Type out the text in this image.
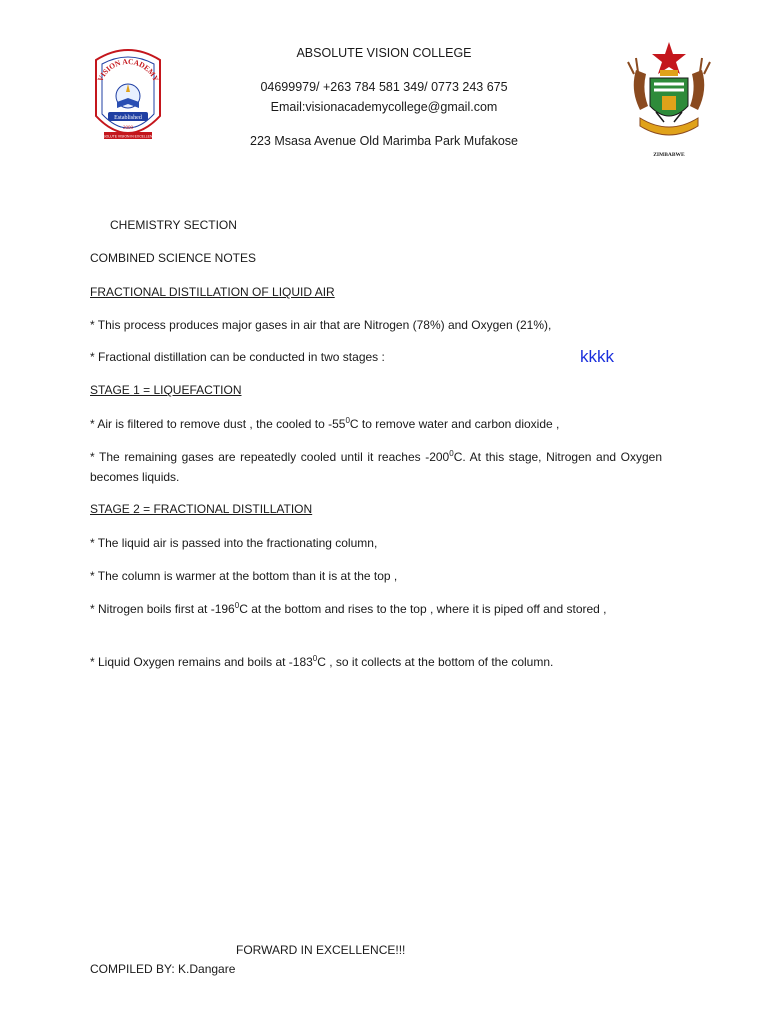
VISION ACADEMY
Established
2000
ABSOLUTE VISION IN EXCELLENCE
ABSOLUTE VISION COLLEGE
04699979/ +263 784 581 349/ 0773 243 675
Email:visionacademycollege@gmail.com
223 Msasa Avenue Old Marimba Park Mufakose
ZIMBABWE
CHEMISTRY SECTION
COMBINED SCIENCE NOTES
FRACTIONAL DISTILLATION OF LIQUID AIR
* This process produces major gases in air that are Nitrogen (78%) and Oxygen (21%),
* Fractional distillation can be conducted in two stages :	kkkk
STAGE 1 = LIQUEFACTION
* Air is filtered to remove dust , the cooled to $-55^0C$ to remove water and carbon dioxide ,
* The remaining gases are repeatedly cooled until it reaches $-200^0C$. At this stage, Nitrogen and Oxygen becomes liquids.
STAGE 2 = FRACTIONAL DISTILLATION
* The liquid air is passed into the fractionating column,
* The column is warmer at the bottom than it is at the top ,
* Nitrogen boils first at $-196^0C$ at the bottom and rises to the top , where it is piped off and stored ,
* Liquid Oxygen remains and boils at $-183^0C$ , so it collects at the bottom of the column.
FORWARD IN EXCELLENCE!!!
COMPILED BY: K.Dangare
